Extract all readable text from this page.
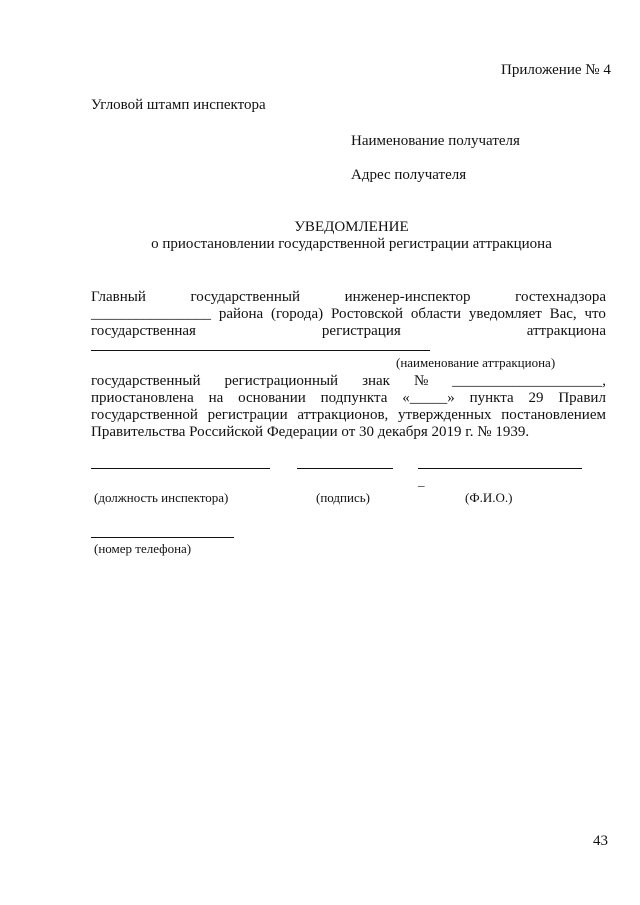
Приложение № 4
Угловой штамп инспектора
Наименование получателя
Адрес получателя
УВЕДОМЛЕНИЕ
о приостановлении государственной регистрации аттракциона
Главный	государственный	инженер-инспектор	гостехнадзора
________________ района (города) Ростовской области уведомляет Вас, что
государственная	регистрация	аттракциона
(наименование аттракциона)
государственный регистрационный знак № ____________________,
приостановлена на основании подпункта «_____» пункта 29 Правил
государственной регистрации аттракционов, утвержденных постановлением
Правительства Российской Федерации от 30 декабря 2019 г. № 1939.
_
(должность инспектора)	(подпись)	(Ф.И.О.)
(номер телефона)
43
